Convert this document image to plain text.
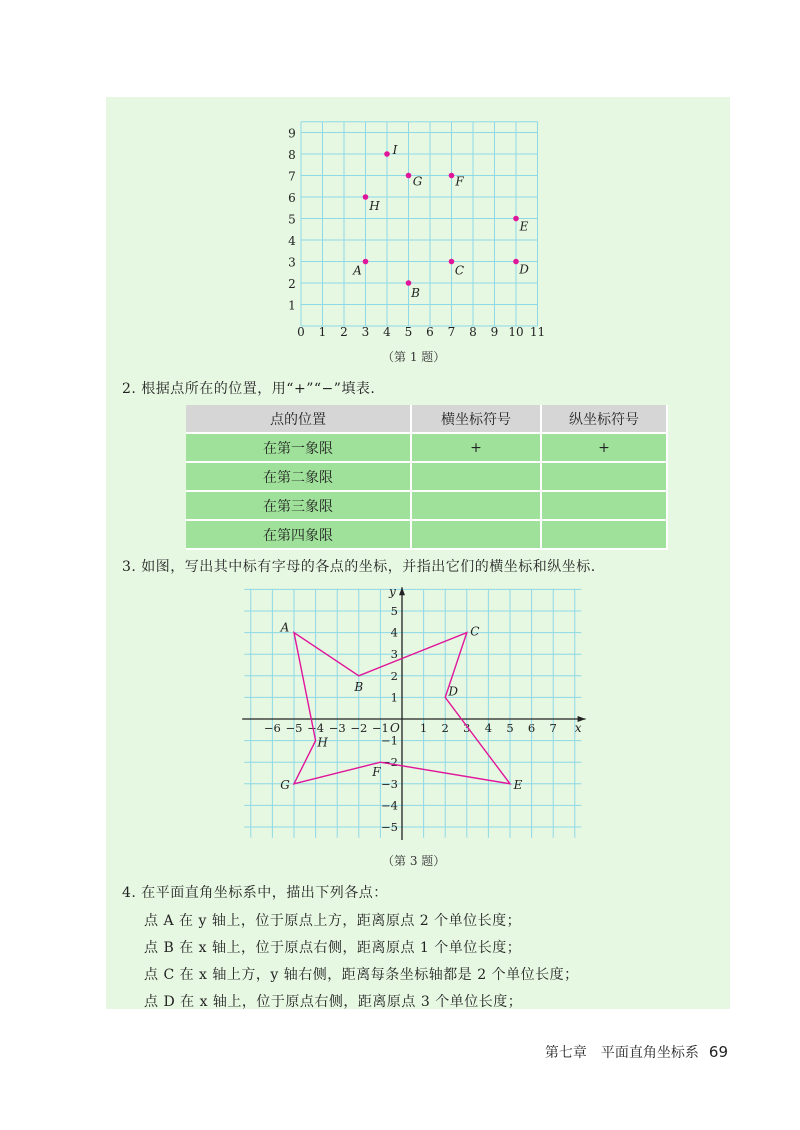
0 1 2 3 4 5 6 7 8 9 10 11
1
2
3
4
5
6
7
8
9
A
B
C	D
E
F
G
H
I
（第 1 题）
2. 根据点所在的位置，用“+”“−”填表.
点的位置	横坐标符号	纵坐标符号
在第一象限	+	+
在第二象限		
在第三象限		
在第四象限		
3. 如图，写出其中标有字母的各点的坐标，并指出它们的横坐标和纵坐标.
x
y
O
−6 −5 −4 −3 −2 −1	1 2 3 4 5 6 7
5
4
3
2
1
−1
−2
−3
−4
−5
A
B
C
D
E
F
G
H
（第 3 题）
4. 在平面直角坐标系中，描出下列各点：
点 A 在 y 轴上，位于原点上方，距离原点 2 个单位长度；
点 B 在 x 轴上，位于原点右侧，距离原点 1 个单位长度；
点 C 在 x 轴上方，y 轴右侧，距离每条坐标轴都是 2 个单位长度；
点 D 在 x 轴上，位于原点右侧，距离原点 3 个单位长度；
第七章　平面直角坐标系 69
